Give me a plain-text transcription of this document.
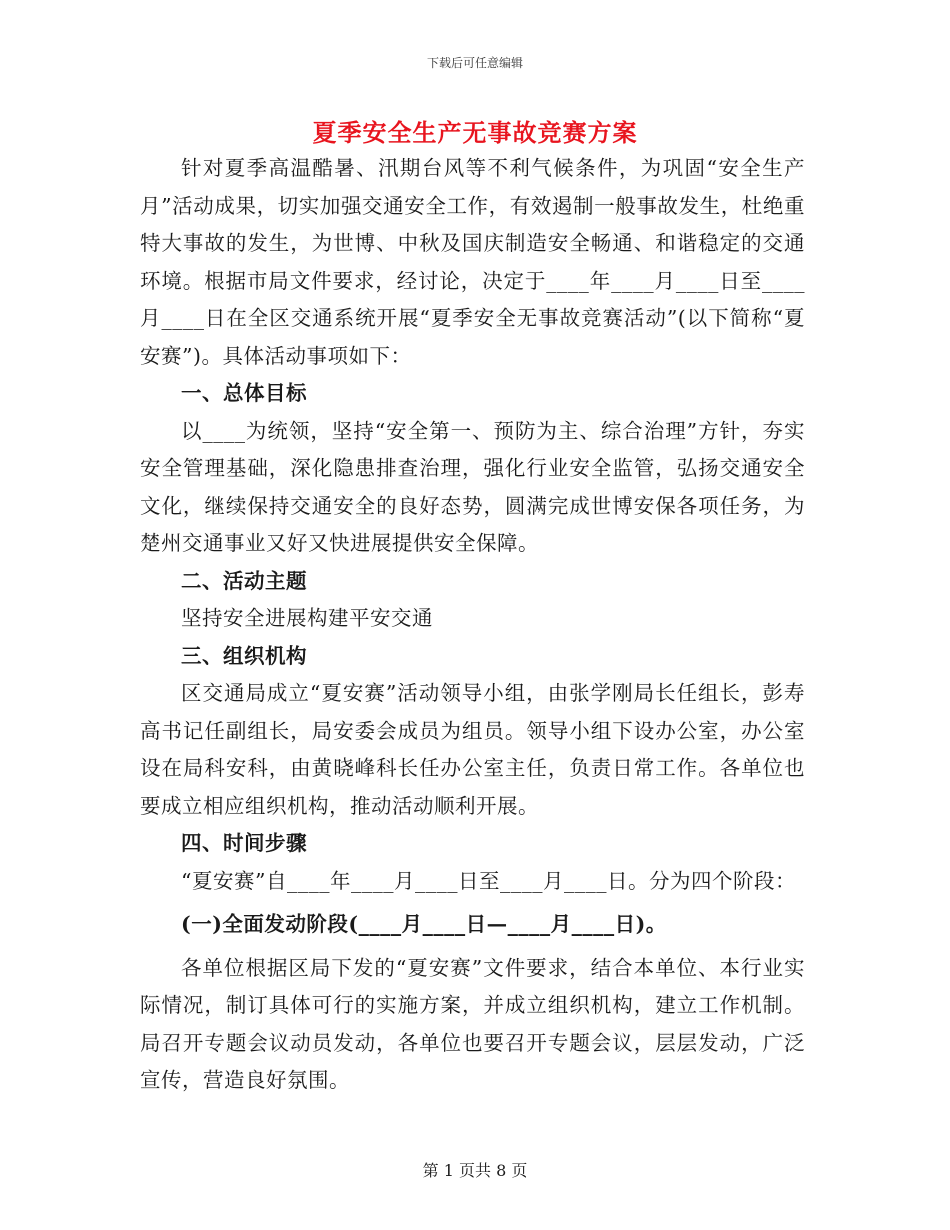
下载后可任意编辑
夏季安全生产无事故竞赛方案

针对夏季高温酷暑、汛期台风等不利气候条件，为巩固“安全生产月”活动成果，切实加强交通安全工作，有效遏制一般事故发生，杜绝重特大事故的发生，为世博、中秋及国庆制造安全畅通、和谐稳定的交通环境。根据市局文件要求，经讨论，决定于____年____月____日至____月____日在全区交通系统开展“夏季安全无事故竞赛活动”(以下简称“夏安赛”)。具体活动事项如下：

一、总体目标

以____为统领，坚持“安全第一、预防为主、综合治理”方针，夯实安全管理基础，深化隐患排查治理，强化行业安全监管，弘扬交通安全文化，继续保持交通安全的良好态势，圆满完成世博安保各项任务，为楚州交通事业又好又快进展提供安全保障。

二、活动主题

坚持安全进展构建平安交通

三、组织机构

区交通局成立“夏安赛”活动领导小组，由张学刚局长任组长，彭寿高书记任副组长，局安委会成员为组员。领导小组下设办公室，办公室设在局科安科，由黄晓峰科长任办公室主任，负责日常工作。各单位也要成立相应组织机构，推动活动顺利开展。

四、时间步骤

“夏安赛”自____年____月____日至____月____日。分为四个阶段：

(一)全面发动阶段(____月____日—____月____日)。

各单位根据区局下发的“夏安赛”文件要求，结合本单位、本行业实际情况，制订具体可行的实施方案，并成立组织机构，建立工作机制。局召开专题会议动员发动，各单位也要召开专题会议，层层发动，广泛宣传，营造良好氛围。

第 1 页共 8 页
